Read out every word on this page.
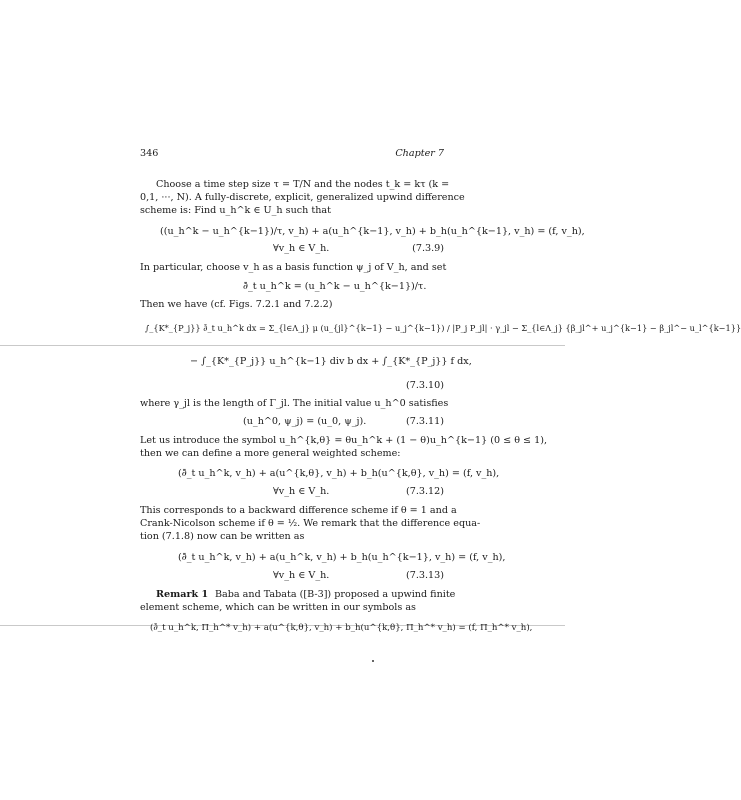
346	Chapter 7
Choose a time step size τ = T/N and the nodes t_k = kτ (k =
0,1, ···, N). A fully-discrete, explicit, generalized upwind difference
scheme is: Find u_h^k ∈ U_h such that
((u_h^k − u_h^{k−1})/τ, v_h) + a(u_h^{k−1}, v_h) + b_h(u_h^{k−1}, v_h) = (f, v_h),
∀v_h ∈ V_h.	(7.3.9)
In particular, choose v_h as a basis function ψ_j of V_h, and set
∂̄_t u_h^k = (u_h^k − u_h^{k−1})/τ.
Then we have (cf. Figs. 7.2.1 and 7.2.2)
∫_{K*_{P_j}} ∂̄_t u_h^k dx = Σ_{l∈Λ_j} μ (u_{jl}^{k−1} − u_j^{k−1}) / |P_j P_jl| · γ_jl − Σ_{l∈Λ_j} {β_jl^+ u_j^{k−1} − β_jl^− u_l^{k−1}}
− ∫_{K*_{P_j}} u_h^{k−1} div b dx + ∫_{K*_{P_j}} f dx,
(7.3.10)
where γ_jl is the length of Γ_jl. The initial value u_h^0 satisfies
(u_h^0, ψ_j) = (u_0, ψ_j).	(7.3.11)
Let us introduce the symbol u_h^{k,θ} = θu_h^k + (1 − θ)u_h^{k−1} (0 ≤ θ ≤ 1),
then we can define a more general weighted scheme:
(∂̄_t u_h^k, v_h) + a(u^{k,θ}, v_h) + b_h(u^{k,θ}, v_h) = (f, v_h),
∀v_h ∈ V_h.	(7.3.12)
This corresponds to a backward difference scheme if θ = 1 and a
Crank-Nicolson scheme if θ = ½. We remark that the difference equa-
tion (7.1.8) now can be written as
(∂̄_t u_h^k, v_h) + a(u_h^k, v_h) + b_h(u_h^{k−1}, v_h) = (f, v_h),
∀v_h ∈ V_h.	(7.3.13)
Remark 1 Baba and Tabata ([B-3]) proposed a upwind finite
element scheme, which can be written in our symbols as
(∂̄_t u_h^k, Π_h^* v_h) + a(u^{k,θ}, v_h) + b_h(u^{k,θ}, Π_h^* v_h) = (f, Π_h^* v_h),
